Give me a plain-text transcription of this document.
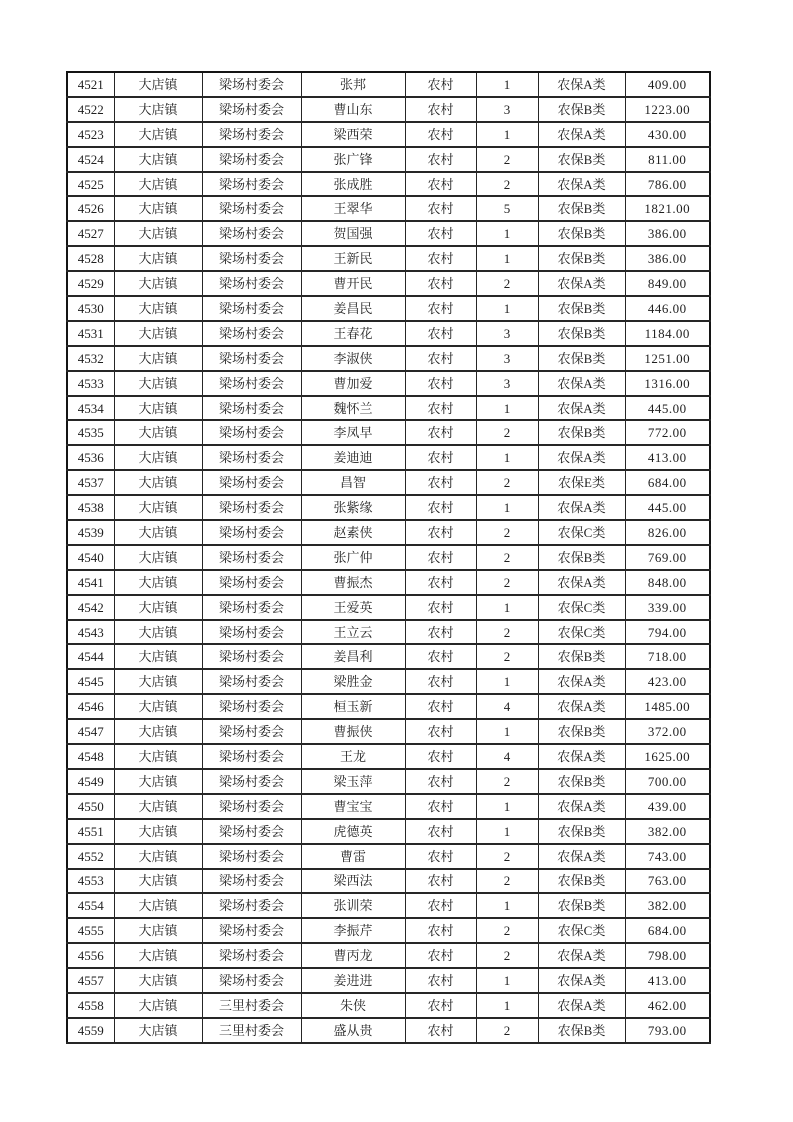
4521	大店镇	梁场村委会	张邦	农村	1	农保A类	409.00
4522	大店镇	梁场村委会	曹山东	农村	3	农保B类	1223.00
4523	大店镇	梁场村委会	梁西荣	农村	1	农保A类	430.00
4524	大店镇	梁场村委会	张广锋	农村	2	农保B类	811.00
4525	大店镇	梁场村委会	张成胜	农村	2	农保A类	786.00
4526	大店镇	梁场村委会	王翠华	农村	5	农保B类	1821.00
4527	大店镇	梁场村委会	贺国强	农村	1	农保B类	386.00
4528	大店镇	梁场村委会	王新民	农村	1	农保B类	386.00
4529	大店镇	梁场村委会	曹开民	农村	2	农保A类	849.00
4530	大店镇	梁场村委会	姜昌民	农村	1	农保B类	446.00
4531	大店镇	梁场村委会	王春花	农村	3	农保B类	1184.00
4532	大店镇	梁场村委会	李淑侠	农村	3	农保B类	1251.00
4533	大店镇	梁场村委会	曹加爱	农村	3	农保A类	1316.00
4534	大店镇	梁场村委会	魏怀兰	农村	1	农保A类	445.00
4535	大店镇	梁场村委会	李凤早	农村	2	农保B类	772.00
4536	大店镇	梁场村委会	姜迪迪	农村	1	农保A类	413.00
4537	大店镇	梁场村委会	昌智	农村	2	农保E类	684.00
4538	大店镇	梁场村委会	张紫缘	农村	1	农保A类	445.00
4539	大店镇	梁场村委会	赵素侠	农村	2	农保C类	826.00
4540	大店镇	梁场村委会	张广仲	农村	2	农保B类	769.00
4541	大店镇	梁场村委会	曹振杰	农村	2	农保A类	848.00
4542	大店镇	梁场村委会	王爱英	农村	1	农保C类	339.00
4543	大店镇	梁场村委会	王立云	农村	2	农保C类	794.00
4544	大店镇	梁场村委会	姜昌利	农村	2	农保B类	718.00
4545	大店镇	梁场村委会	梁胜金	农村	1	农保A类	423.00
4546	大店镇	梁场村委会	桓玉新	农村	4	农保A类	1485.00
4547	大店镇	梁场村委会	曹振侠	农村	1	农保B类	372.00
4548	大店镇	梁场村委会	王龙	农村	4	农保A类	1625.00
4549	大店镇	梁场村委会	梁玉萍	农村	2	农保B类	700.00
4550	大店镇	梁场村委会	曹宝宝	农村	1	农保A类	439.00
4551	大店镇	梁场村委会	虎德英	农村	1	农保B类	382.00
4552	大店镇	梁场村委会	曹雷	农村	2	农保A类	743.00
4553	大店镇	梁场村委会	梁西法	农村	2	农保B类	763.00
4554	大店镇	梁场村委会	张训荣	农村	1	农保B类	382.00
4555	大店镇	梁场村委会	李振芹	农村	2	农保C类	684.00
4556	大店镇	梁场村委会	曹丙龙	农村	2	农保A类	798.00
4557	大店镇	梁场村委会	姜进进	农村	1	农保A类	413.00
4558	大店镇	三里村委会	朱侠	农村	1	农保A类	462.00
4559	大店镇	三里村委会	盛从贵	农村	2	农保B类	793.00
